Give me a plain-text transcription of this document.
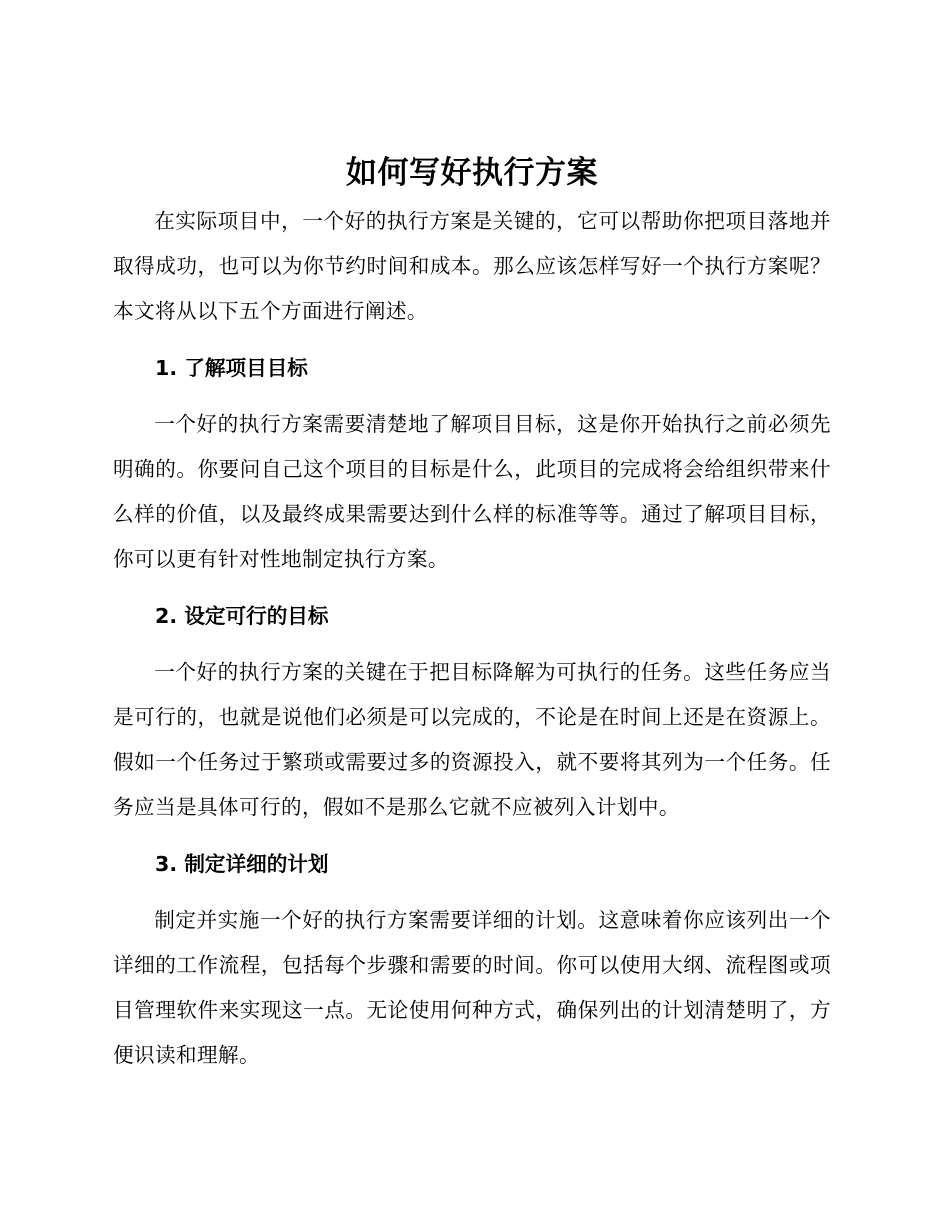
如何写好执行方案

在实际项目中，一个好的执行方案是关键的，它可以帮助你把项目落地并取得成功，也可以为你节约时间和成本。那么应该怎样写好一个执行方案呢？本文将从以下五个方面进行阐述。

1. 了解项目目标

一个好的执行方案需要清楚地了解项目目标，这是你开始执行之前必须先明确的。你要问自己这个项目的目标是什么，此项目的完成将会给组织带来什么样的价值，以及最终成果需要达到什么样的标准等等。通过了解项目目标，你可以更有针对性地制定执行方案。

2. 设定可行的目标

一个好的执行方案的关键在于把目标降解为可执行的任务。这些任务应当是可行的，也就是说他们必须是可以完成的，不论是在时间上还是在资源上。假如一个任务过于繁琐或需要过多的资源投入，就不要将其列为一个任务。任务应当是具体可行的，假如不是那么它就不应被列入计划中。

3. 制定详细的计划

制定并实施一个好的执行方案需要详细的计划。这意味着你应该列出一个详细的工作流程，包括每个步骤和需要的时间。你可以使用大纲、流程图或项目管理软件来实现这一点。无论使用何种方式，确保列出的计划清楚明了，方便识读和理解。
